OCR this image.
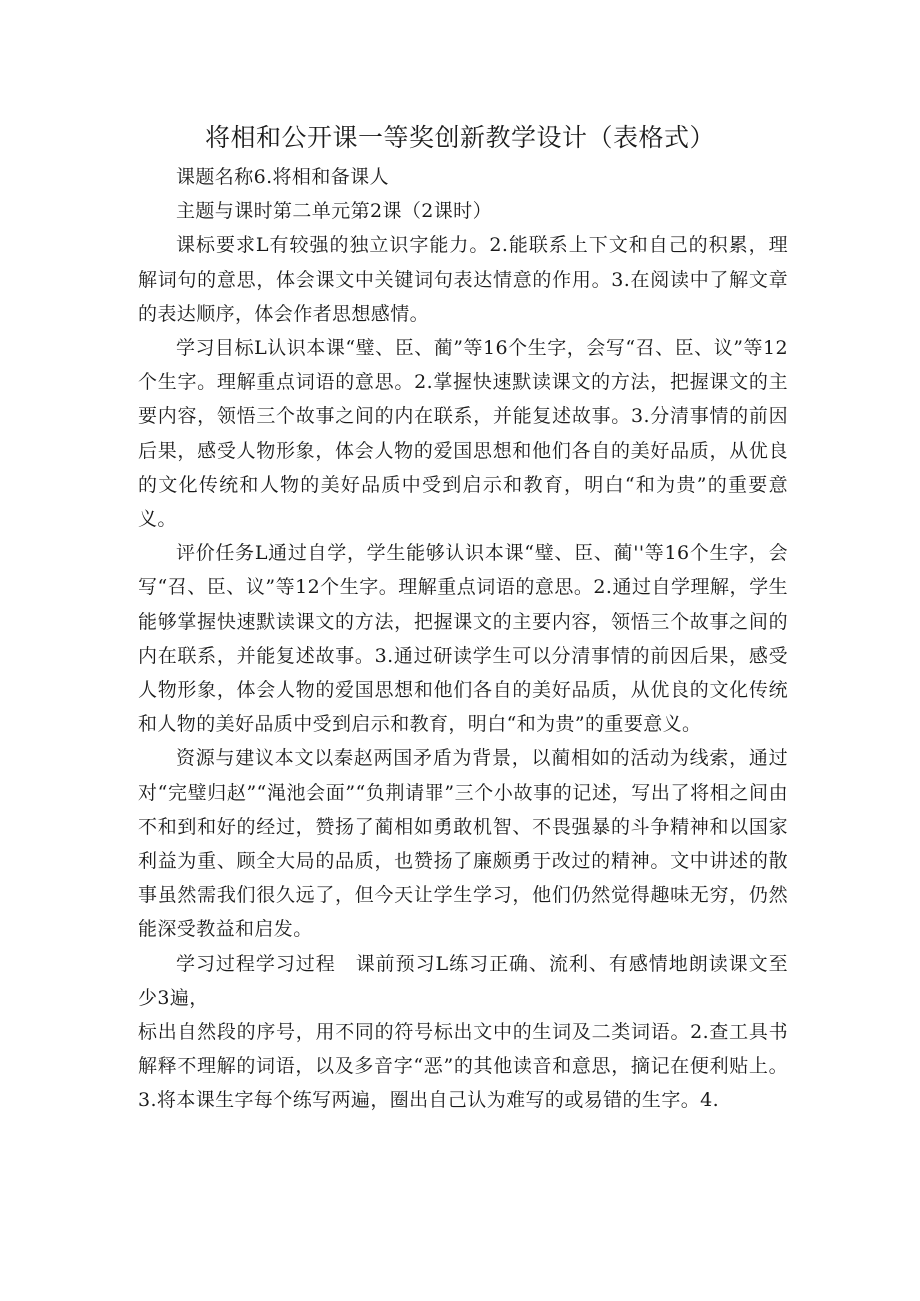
将相和公开课一等奖创新教学设计（表格式）

课题名称6.将相和备课人

主题与课时第二单元第2课（2课时）

课标要求L有较强的独立识字能力。2.能联系上下文和自己的积累，理解词句的意思，体会课文中关键词句表达情意的作用。3.在阅读中了解文章的表达顺序，体会作者思想感情。

学习目标L认识本课“璧、臣、蔺”等16个生字，会写“召、臣、议”等12个生字。理解重点词语的意思。2.掌握快速默读课文的方法，把握课文的主要内容，领悟三个故事之间的内在联系，并能复述故事。3.分清事情的前因后果，感受人物形象，体会人物的爱国思想和他们各自的美好品质，从优良的文化传统和人物的美好品质中受到启示和教育，明白“和为贵”的重要意义。

评价任务L通过自学，学生能够认识本课“璧、臣、蔺''等16个生字，会写“召、臣、议”等12个生字。理解重点词语的意思。2.通过自学理解，学生能够掌握快速默读课文的方法，把握课文的主要内容，领悟三个故事之间的内在联系，并能复述故事。3.通过研读学生可以分清事情的前因后果，感受人物形象，体会人物的爱国思想和他们各自的美好品质，从优良的文化传统和人物的美好品质中受到启示和教育，明白“和为贵”的重要意义。

资源与建议本文以秦赵两国矛盾为背景，以蔺相如的活动为线索，通过对“完璧归赵”“渑池会面”“负荆请罪”三个小故事的记述，写出了将相之间由不和到和好的经过，赞扬了蔺相如勇敢机智、不畏强暴的斗争精神和以国家利益为重、顾全大局的品质，也赞扬了廉颇勇于改过的精神。文中讲述的散事虽然需我们很久远了，但今天让学生学习，他们仍然觉得趣味无穷，仍然能深受教益和启发。

学习过程学习过程　课前预习L练习正确、流利、有感情地朗读课文至少3遍，

标出自然段的序号，用不同的符号标出文中的生词及二类词语。2.查工具书解释不理解的词语，以及多音字“恶”的其他读音和意思，摘记在便利贴上。3.将本课生字每个练写两遍，圈出自己认为难写的或易错的生字。4.
